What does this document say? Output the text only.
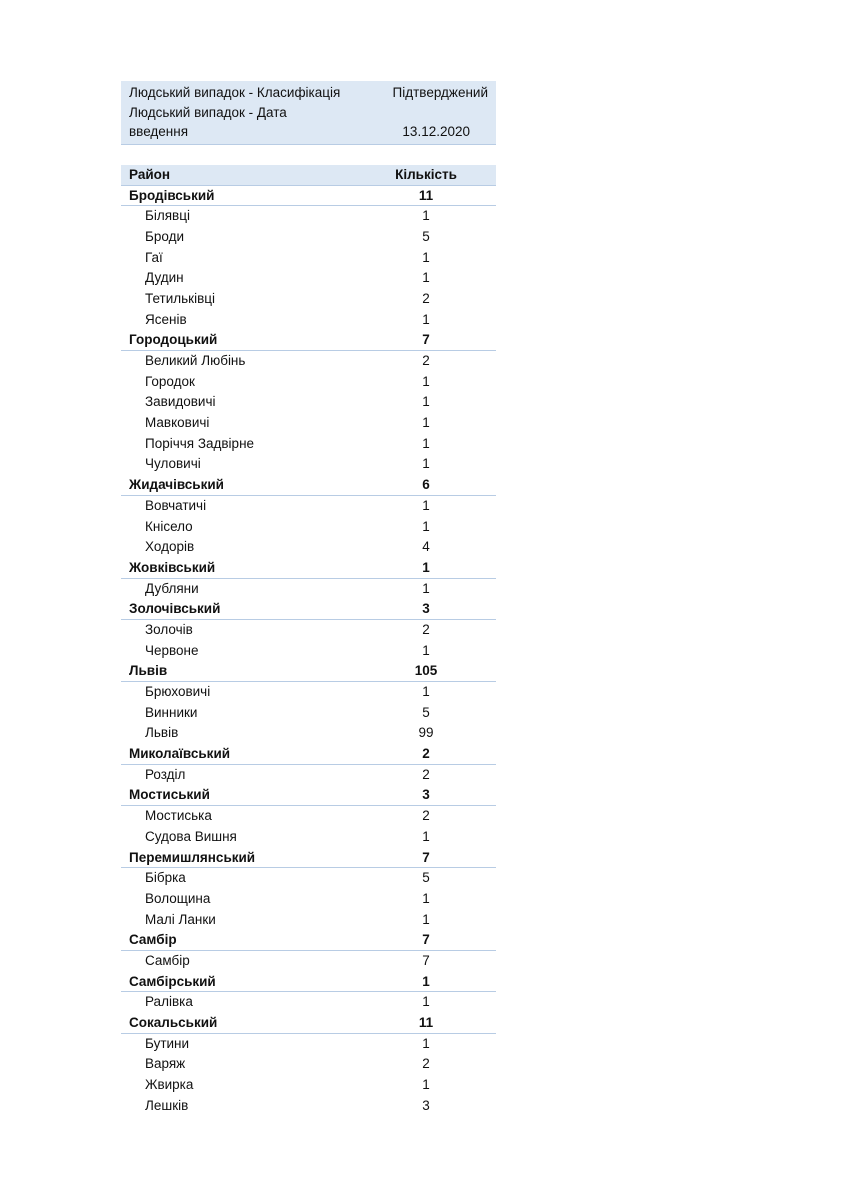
Людський випадок - Класифікація	Підтверджений
Людський випадок - Дата
введення	13.12.2020
Район	Кількість
Бродівський	11
Білявці	1
Броди	5
Гаї	1
Дудин	1
Тетильківці	2
Ясенів	1
Городоцький	7
Великий Любінь	2
Городок	1
Завидовичі	1
Мавковичі	1
Поріччя Задвірне	1
Чуловичі	1
Жидачівський	6
Вовчатичі	1
Кнісело	1
Ходорів	4
Жовківський	1
Дубляни	1
Золочівський	3
Золочів	2
Червоне	1
Львів	105
Брюховичі	1
Винники	5
Львів	99
Миколаївський	2
Розділ	2
Мостиський	3
Мостиська	2
Судова Вишня	1
Перемишлянський	7
Бібрка	5
Волощина	1
Малі Ланки	1
Самбір	7
Самбір	7
Самбірський	1
Ралівка	1
Сокальський	11
Бутини	1
Варяж	2
Жвирка	1
Лешків	3
